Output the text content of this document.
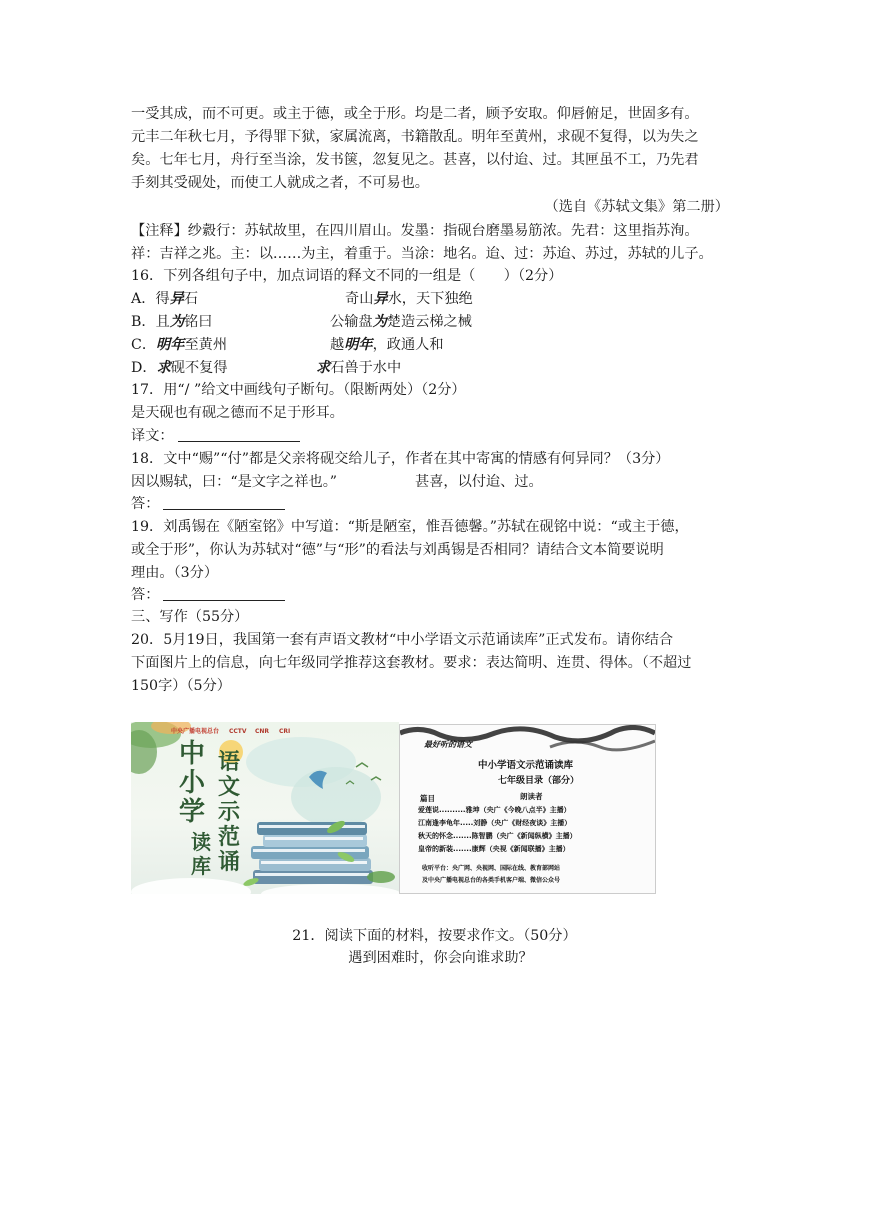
一受其成，而不可更。或主于德，或全于形。均是二者，顾予安取。仰唇俯足，世固多有。
元丰二年秋七月，予得罪下狱，家属流离，书籍散乱。明年至黄州，求砚不复得，以为失之
矣。七年七月，舟行至当涂，发书箧，忽复见之。甚喜，以付迨、过。其匣虽不工，乃先君
手刻其受砚处，而使工人就成之者，不可易也。
（选自《苏轼文集》第二册）
【注释】纱縠行：苏轼故里，在四川眉山。发墨：指砚台磨墨易筋浓。先君：这里指苏洵。
祥：吉祥之兆。主：以……为主，着重于。当涂：地名。迨、过：苏迨、苏过，苏轼的儿子。
16．下列各组句子中，加点词语的释文不同的一组是（　　）（2分）
A．得异石	奇山异水，天下独绝
B．且为铭曰	公输盘为楚造云梯之械
C．明年至黄州	越明年，政通人和
D．求砚不复得	求石兽于水中
17．用“/ ”给文中画线句子断句。（限断两处）（2分）
是天砚也有砚之德而不足于形耳。
译文：
18．文中“赐”“付”都是父亲将砚交给儿子，作者在其中寄寓的情感有何异同？（3分）
因以赐轼，曰：“是文字之祥也。”	甚喜，以付迨、过。
答：
19．刘禹锡在《陋室铭》中写道：“斯是陋室，惟吾德馨。”苏轼在砚铭中说：“或主于德，
或全于形”，你认为苏轼对“德”与“形”的看法与刘禹锡是否相同？请结合文本简要说明
理由。（3分）
答：
三、写作（55分）
20．5月19日，我国第一套有声语文教材“中小学语文示范诵读库”正式发布。请你结合
下面图片上的信息，向七年级同学推荐这套教材。要求：表达简明、连贯、得体。（不超过
150字）（5分）
中央广播电视总台 CCTV CNR CRI
中
小
学
语
文
示
范
诵
读
库
最好听的语文
中小学语文示范诵读库
七年级目录（部分）
篇目	朗读者
爱莲说..........雅坤（央广《今晚八点半》主播）
江南逢李龟年.....刘静（央广《财经夜谈》主播）
秋天的怀念.......陈智鹏（央广《新闻纵横》主播）
皇帝的新装.......康辉（央视《新闻联播》主播）
收听平台：央广网、央视网、国际在线、教育部网站
及中央广播电视总台的各类手机客户端、微信公众号
21．阅读下面的材料，按要求作文。（50分）
遇到困难时，你会向谁求助？
